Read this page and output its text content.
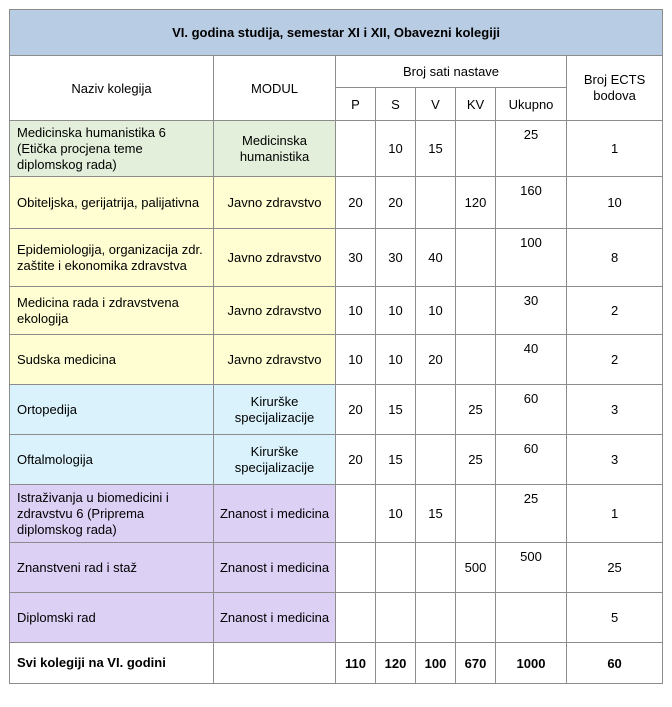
VI. godina studija, semestar XI i XII, Obavezni kolegiji							
Naziv kolegija	MODUL	Broj sati nastave					Broj ECTS bodova
		P	S	V	KV	Ukupno	
Medicinska humanistika 6 (Etička procjena teme diplomskog rada)	Medicinska humanistika		10	15		25	1
Obiteljska, gerijatrija, palijativna	Javno zdravstvo	20	20		120	160	10
Epidemiologija, organizacija zdr. zaštite i ekonomika zdravstva	Javno zdravstvo	30	30	40		100	8
Medicina rada i zdravstvena ekologija	Javno zdravstvo	10	10	10		30	2
Sudska medicina	Javno zdravstvo	10	10	20		40	2
Ortopedija	Kirurške specijalizacije	20	15		25	60	3
Oftalmologija	Kirurške specijalizacije	20	15		25	60	3
Istraživanja u biomedicini i zdravstvu 6 (Priprema diplomskog rada)	Znanost i medicina		10	15		25	1
Znanstveni rad i staž	Znanost i medicina				500	500	25
Diplomski rad	Znanost i medicina						5
Svi kolegiji na VI. godini		110	120	100	670	1000	60
